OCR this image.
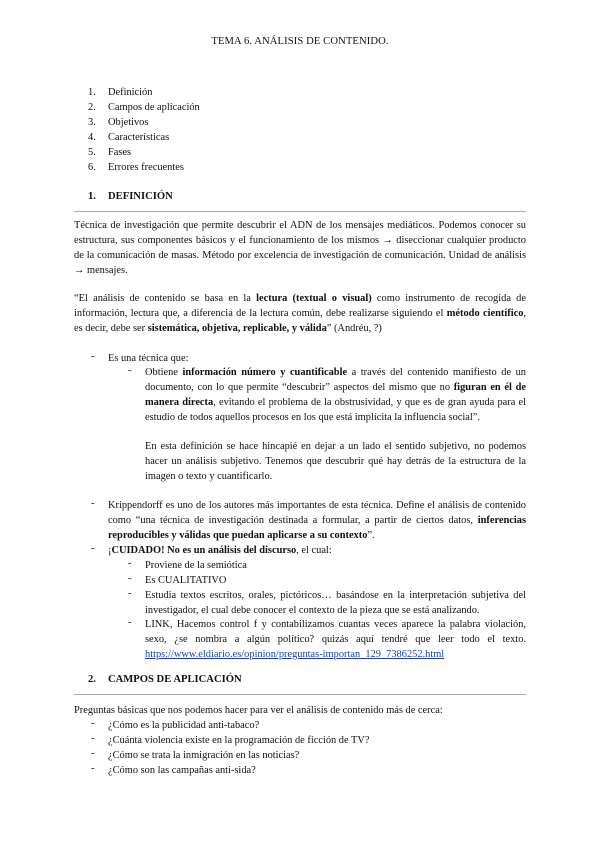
TEMA 6. ANÁLISIS DE CONTENIDO.
1.	Definición
2.	Campos de aplicación
3.	Objetivos
4.	Características
5.	Fases
6.	Errores frecuentes
1. DEFINICIÓN
Técnica de investigación que permite descubrir el ADN de los mensajes mediáticos. Podemos conocer su estructura, sus componentes básicos y el funcionamiento de los mismos → diseccionar cualquier producto de la comunicación de masas. Método por excelencia de investigación de comunicación. Unidad de análisis → mensajes.
“El análisis de contenido se basa en la lectura (textual o visual) como instrumento de recogida de información, lectura que, a diferencia de la lectura común, debe realizarse siguiendo el método científico, es decir, debe ser sistemática, objetiva, replicable, y válida” (Andréu, ?)
- Es una técnica que:
- Obtiene información número y cuantificable a través del contenido manifiesto de un documento, con lo que permite “descubrir” aspectos del mismo que no figuran en él de manera directa, evitando el problema de la obstrusividad, y que es de gran ayuda para el estudio de todos aquellos procesos en los que está implícita la influencia social”.
En esta definición se hace hincapié en dejar a un lado el sentido subjetivo, no podemos hacer un análisis subjetivo. Tenemos que descubrir qué hay detrás de la estructura de la imagen o texto y cuantificarlo.
- Krippendorff es uno de los autores más importantes de esta técnica. Define el análisis de contenido como “una técnica de investigación destinada a formular, a partir de ciertos datos, inferencias reproducibles y válidas que puedan aplicarse a su contexto”.
- ¡CUIDADO! No es un análisis del discurso, el cual:
- Proviene de la semiótica
- Es CUALITATIVO
- Estudia textos escritos, orales, pictóricos… basándose en la interpretación subjetiva del investigador, el cual debe conocer el contexto de la pieza que se está analizando.
- LINK, Hacemos control f y contabilizamos cuantas veces aparece la palabra violación, sexo, ¿se nombra a algún político? quizás aquí tendré que leer todo el texto. https://www.eldiario.es/opinion/preguntas-importan_129_7386252.html
2. CAMPOS DE APLICACIÓN
Preguntas básicas que nos podemos hacer para ver el análisis de contenido más de cerca:
- ¿Cómo es la publicidad anti-tabaco?
- ¿Cuánta violencia existe en la programación de ficción de TV?
- ¿Cómo se trata la inmigración en las noticias?
- ¿Cómo son las campañas anti-sida?
